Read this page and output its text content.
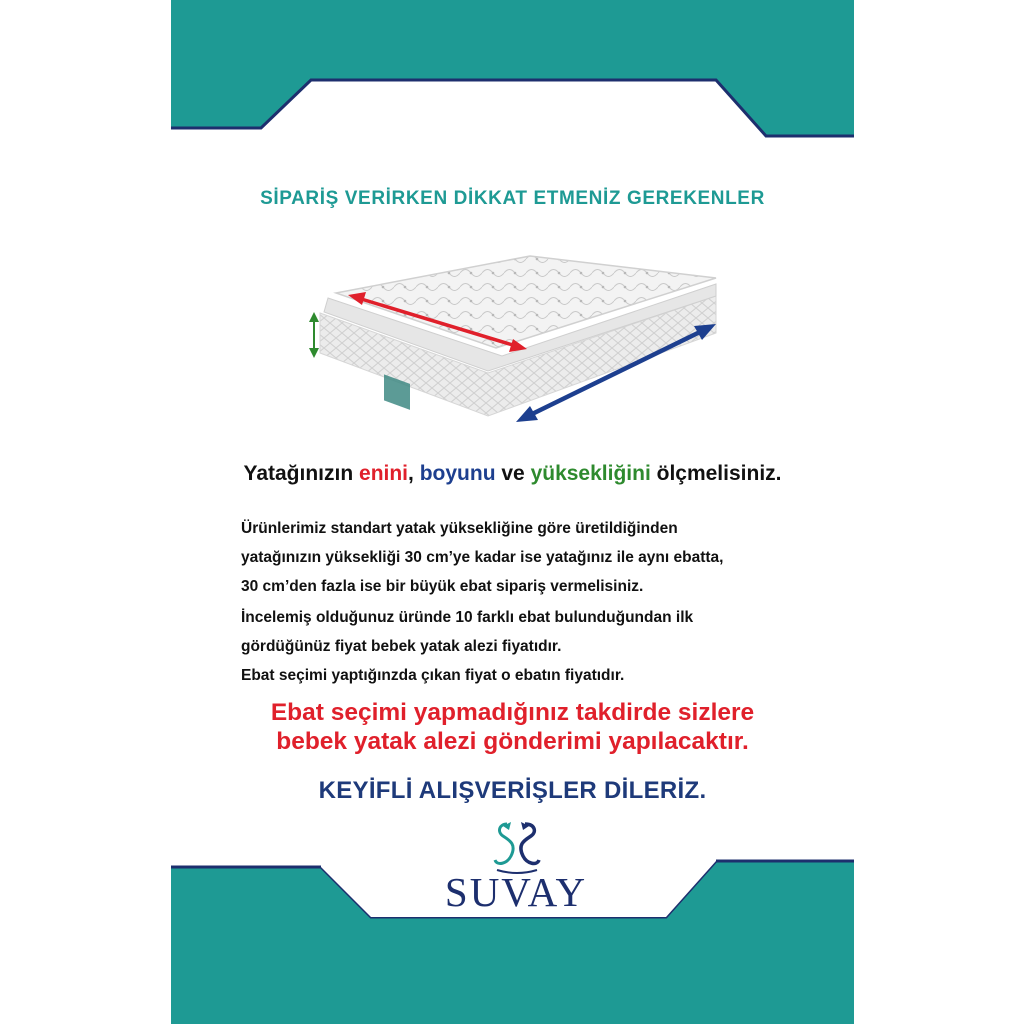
SİPARİŞ VERİRKEN DİKKAT ETMENİZ GEREKENLER
Yatağınızın enini, boyunu ve yüksekliğini ölçmelisiniz.

Ürünlerimiz standart yatak yüksekliğine göre üretildiğinden

yatağınızın yüksekliği 30 cm’ye kadar ise yatağınız ile aynı ebatta,

30 cm’den fazla ise bir büyük ebat sipariş vermelisiniz.

İncelemiş olduğunuz üründe 10 farklı ebat bulunduğundan ilk

gördüğünüz fiyat bebek yatak alezi fiyatıdır.

Ebat seçimi yaptığınzda çıkan fiyat o ebatın fiyatıdır.

Ebat seçimi yapmadığınız takdirde sizlere

bebek yatak alezi gönderimi yapılacaktır.

KEYİFLİ ALIŞVERİŞLER DİLERİZ.
SUVAY
